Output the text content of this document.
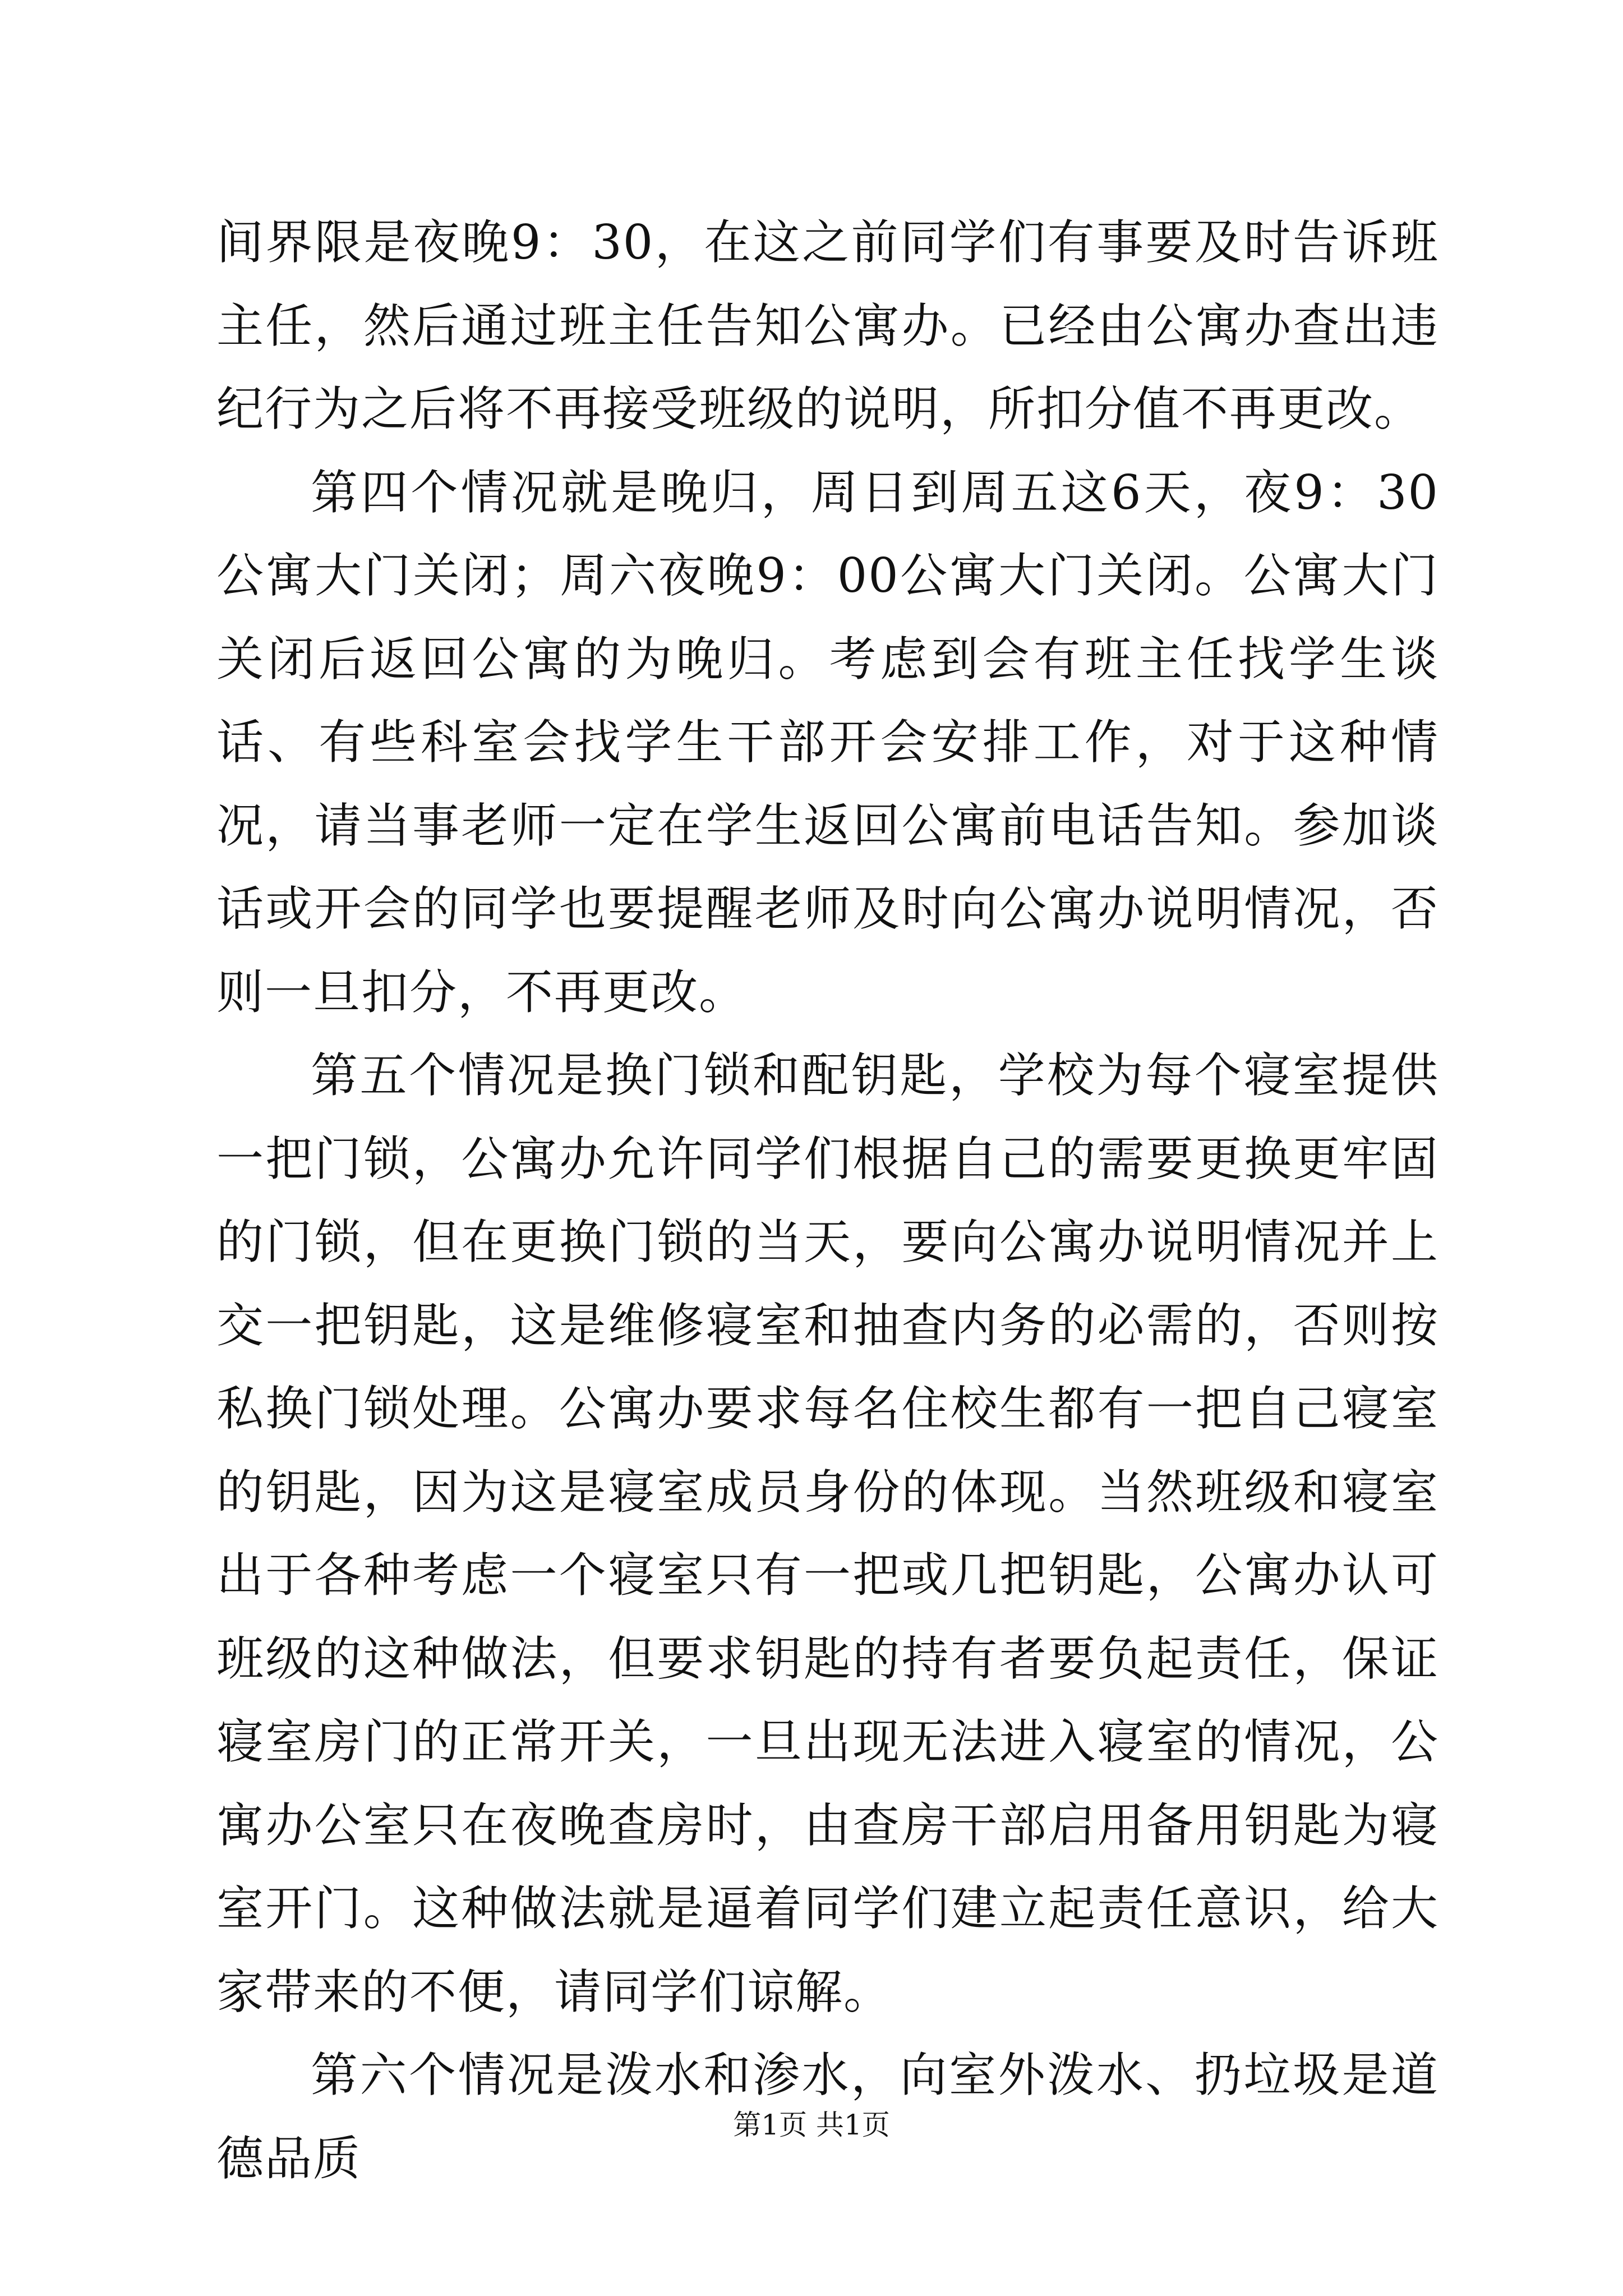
间界限是夜晚9：30，在这之前同学们有事要及时告诉班主任，然后通过班主任告知公寓办。已经由公寓办查出违纪行为之后将不再接受班级的说明，所扣分值不再更改。

第四个情况就是晚归，周日到周五这6天，夜9：30公寓大门关闭；周六夜晚9：00公寓大门关闭。公寓大门关闭后返回公寓的为晚归。考虑到会有班主任找学生谈话、有些科室会找学生干部开会安排工作，对于这种情况，请当事老师一定在学生返回公寓前电话告知。参加谈话或开会的同学也要提醒老师及时向公寓办说明情况，否则一旦扣分，不再更改。

第五个情况是换门锁和配钥匙，学校为每个寝室提供一把门锁，公寓办允许同学们根据自己的需要更换更牢固的门锁，但在更换门锁的当天，要向公寓办说明情况并上交一把钥匙，这是维修寝室和抽查内务的必需的，否则按私换门锁处理。公寓办要求每名住校生都有一把自己寝室的钥匙，因为这是寝室成员身份的体现。当然班级和寝室出于各种考虑一个寝室只有一把或几把钥匙，公寓办认可班级的这种做法，但要求钥匙的持有者要负起责任，保证寝室房门的正常开关，一旦出现无法进入寝室的情况，公寓办公室只在夜晚查房时，由查房干部启用备用钥匙为寝室开门。这种做法就是逼着同学们建立起责任意识，给大家带来的不便，请同学们谅解。

第六个情况是泼水和渗水，向室外泼水、扔垃圾是道德品质

第1页 共1页
